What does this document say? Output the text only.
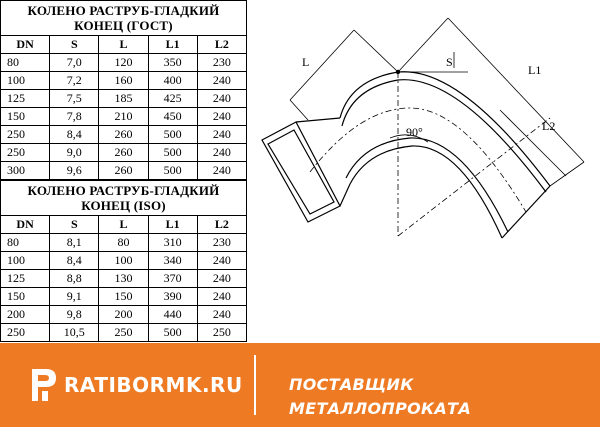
КОЛЕНО РАСТРУБ-ГЛАДКИЙ
КОНЕЦ (ГОСТ)
DN	S	L	L1	L2
80	7,0	120	350	230
100	7,2	160	400	240
125	7,5	185	425	240
150	7,8	210	450	240
250	8,4	260	500	240
250	9,0	260	500	240
300	9,6	260	500	240
КОЛЕНО РАСТРУБ-ГЛАДКИЙ
КОНЕЦ (ISO)
DN	S	L	L1	L2
80	8,1	80	310	230
100	8,4	100	340	240
125	8,8	130	370	240
150	9,1	150	390	240
200	9,8	200	440	240
250	10,5	250	500	250
L	S
L1
L2
90°
RATIBORMK.RU	ПОСТАВЩИК МЕТАЛЛОПРОКАТА
